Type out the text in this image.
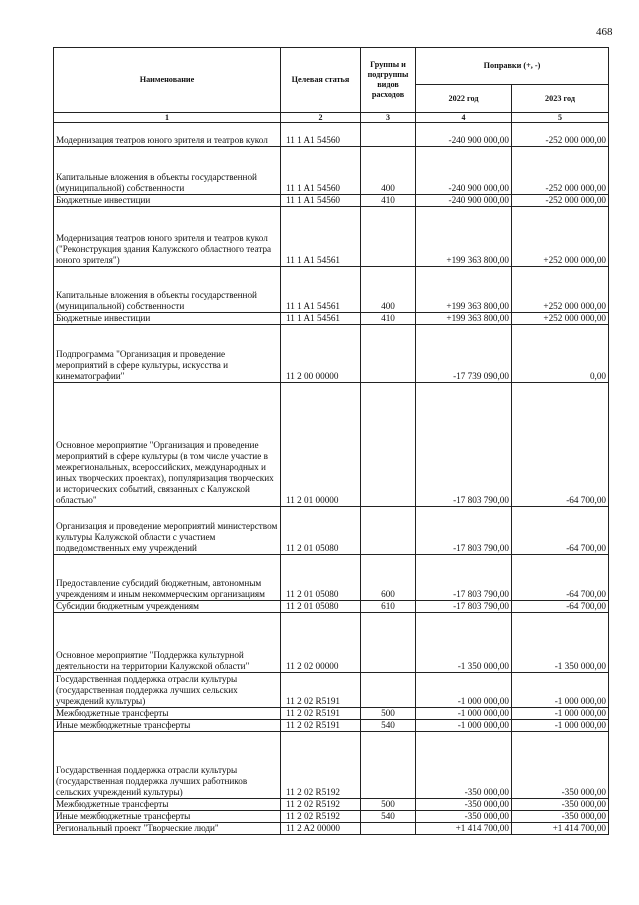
468
Наименование	Целевая статья	Группы и подгруппы видов расходов	Поправки (+, -)	
			2022 год	2023 год
1	2	3	4	5
Модернизация театров юного зрителя и театров кукол	11 1 A1 54560		-240 900 000,00	-252 000 000,00
Капитальные вложения в объекты государственной (муниципальной) собственности	11 1 A1 54560	400	-240 900 000,00	-252 000 000,00
Бюджетные инвестиции	11 1 A1 54560	410	-240 900 000,00	-252 000 000,00
Модернизация театров юного зрителя и театров кукол ("Реконструкция здания Калужского областного театра юного зрителя")	11 1 A1 54561		+199 363 800,00	+252 000 000,00
Капитальные вложения в объекты государственной (муниципальной) собственности	11 1 A1 54561	400	+199 363 800,00	+252 000 000,00
Бюджетные инвестиции	11 1 A1 54561	410	+199 363 800,00	+252 000 000,00
Подпрограмма "Организация и проведение мероприятий в сфере культуры, искусства и кинематографии"	11 2 00 00000		-17 739 090,00	0,00
Основное мероприятие "Организация и проведение мероприятий в сфере культуры (в том числе участие в межрегиональных, всероссийских, международных и иных творческих проектах), популяризация творческих и исторических событий, связанных с Калужской областью"	11 2 01 00000		-17 803 790,00	-64 700,00
Организация и проведение мероприятий министерством культуры Калужской области с участием подведомственных ему учреждений	11 2 01 05080		-17 803 790,00	-64 700,00
Предоставление субсидий бюджетным, автономным учреждениям и иным некоммерческим организациям	11 2 01 05080	600	-17 803 790,00	-64 700,00
Субсидии бюджетным учреждениям	11 2 01 05080	610	-17 803 790,00	-64 700,00
Основное мероприятие "Поддержка культурной деятельности на территории Калужской области"	11 2 02 00000		-1 350 000,00	-1 350 000,00
Государственная поддержка отрасли культуры (государственная поддержка лучших сельских учреждений культуры)	11 2 02 R5191		-1 000 000,00	-1 000 000,00
Межбюджетные трансферты	11 2 02 R5191	500	-1 000 000,00	-1 000 000,00
Иные межбюджетные трансферты	11 2 02 R5191	540	-1 000 000,00	-1 000 000,00
Государственная поддержка отрасли культуры (государственная поддержка лучших работников сельских учреждений культуры)	11 2 02 R5192		-350 000,00	-350 000,00
Межбюджетные трансферты	11 2 02 R5192	500	-350 000,00	-350 000,00
Иные межбюджетные трансферты	11 2 02 R5192	540	-350 000,00	-350 000,00
Региональный проект "Творческие люди"	11 2 A2 00000		+1 414 700,00	+1 414 700,00
